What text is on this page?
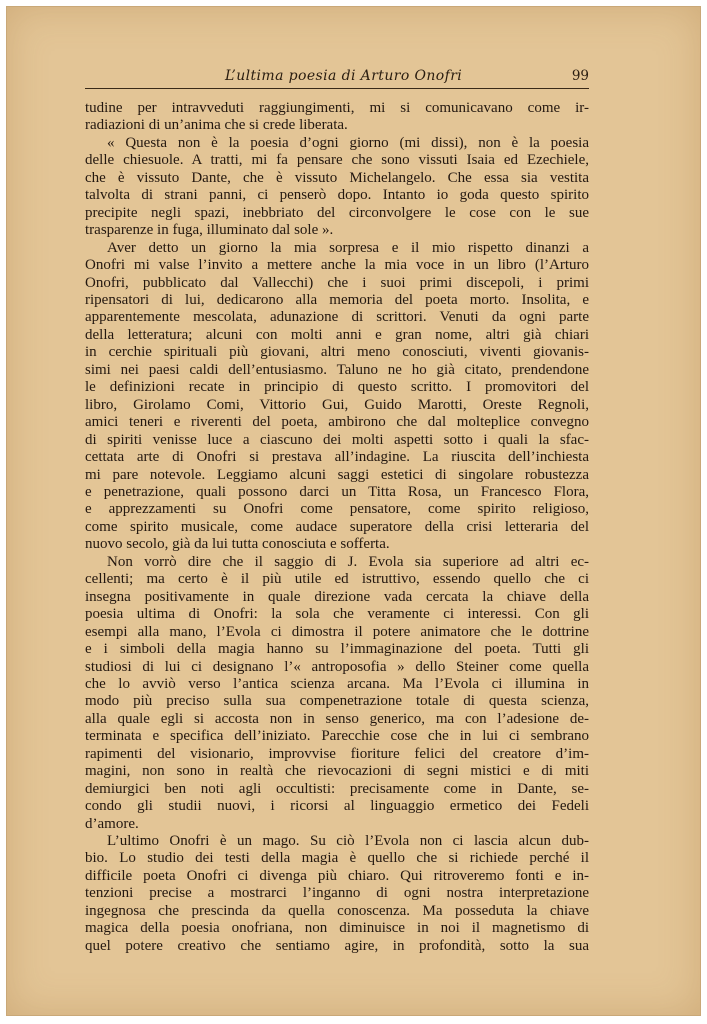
L’ultima poesia di Arturo Onofri	99
tudine per intravveduti raggiungimenti, mi si comunicavano come ir-
radiazioni di un’anima che si crede liberata.
« Questa non è la poesia d’ogni giorno (mi dissi), non è la poesia
delle chiesuole. A tratti, mi fa pensare che sono vissuti Isaia ed Ezechiele,
che è vissuto Dante, che è vissuto Michelangelo. Che essa sia vestita
talvolta di strani panni, ci penserò dopo. Intanto io goda questo spirito
precipite negli spazi, inebbriato del circonvolgere le cose con le sue
trasparenze in fuga, illuminato dal sole ».
Aver detto un giorno la mia sorpresa e il mio rispetto dinanzi a
Onofri mi valse l’invito a mettere anche la mia voce in un libro (l’Arturo
Onofri, pubblicato dal Vallecchi) che i suoi primi discepoli, i primi
ripensatori di lui, dedicarono alla memoria del poeta morto. Insolita, e
apparentemente mescolata, adunazione di scrittori. Venuti da ogni parte
della letteratura; alcuni con molti anni e gran nome, altri già chiari
in cerchie spirituali più giovani, altri meno conosciuti, viventi giovanis-
simi nei paesi caldi dell’entusiasmo. Taluno ne ho già citato, prendendone
le definizioni recate in principio di questo scritto. I promovitori del
libro, Girolamo Comi, Vittorio Gui, Guido Marotti, Oreste Regnoli,
amici teneri e riverenti del poeta, ambirono che dal molteplice convegno
di spiriti venisse luce a ciascuno dei molti aspetti sotto i quali la sfac-
cettata arte di Onofri si prestava all’indagine. La riuscita dell’inchiesta
mi pare notevole. Leggiamo alcuni saggi estetici di singolare robustezza
e penetrazione, quali possono darci un Titta Rosa, un Francesco Flora,
e apprezzamenti su Onofri come pensatore, come spirito religioso,
come spirito musicale, come audace superatore della crisi letteraria del
nuovo secolo, già da lui tutta conosciuta e sofferta.
Non vorrò dire che il saggio di J. Evola sia superiore ad altri ec-
cellenti; ma certo è il più utile ed istruttivo, essendo quello che ci
insegna positivamente in quale direzione vada cercata la chiave della
poesia ultima di Onofri: la sola che veramente ci interessi. Con gli
esempi alla mano, l’Evola ci dimostra il potere animatore che le dottrine
e i simboli della magia hanno su l’immaginazione del poeta. Tutti gli
studiosi di lui ci designano l’« antroposofia » dello Steiner come quella
che lo avviò verso l’antica scienza arcana. Ma l’Evola ci illumina in
modo più preciso sulla sua compenetrazione totale di questa scienza,
alla quale egli si accosta non in senso generico, ma con l’adesione de-
terminata e specifica dell’iniziato. Parecchie cose che in lui ci sembrano
rapimenti del visionario, improvvise fioriture felici del creatore d’im-
magini, non sono in realtà che rievocazioni di segni mistici e di miti
demiurgici ben noti agli occultisti: precisamente come in Dante, se-
condo gli studii nuovi, i ricorsi al linguaggio ermetico dei Fedeli
d’amore.
L’ultimo Onofri è un mago. Su ciò l’Evola non ci lascia alcun dub-
bio. Lo studio dei testi della magia è quello che si richiede perché il
difficile poeta Onofri ci divenga più chiaro. Qui ritroveremo fonti e in-
tenzioni precise a mostrarci l’inganno di ogni nostra interpretazione
ingegnosa che prescinda da quella conoscenza. Ma posseduta la chiave
magica della poesia onofriana, non diminuisce in noi il magnetismo di
quel potere creativo che sentiamo agire, in profondità, sotto la sua
